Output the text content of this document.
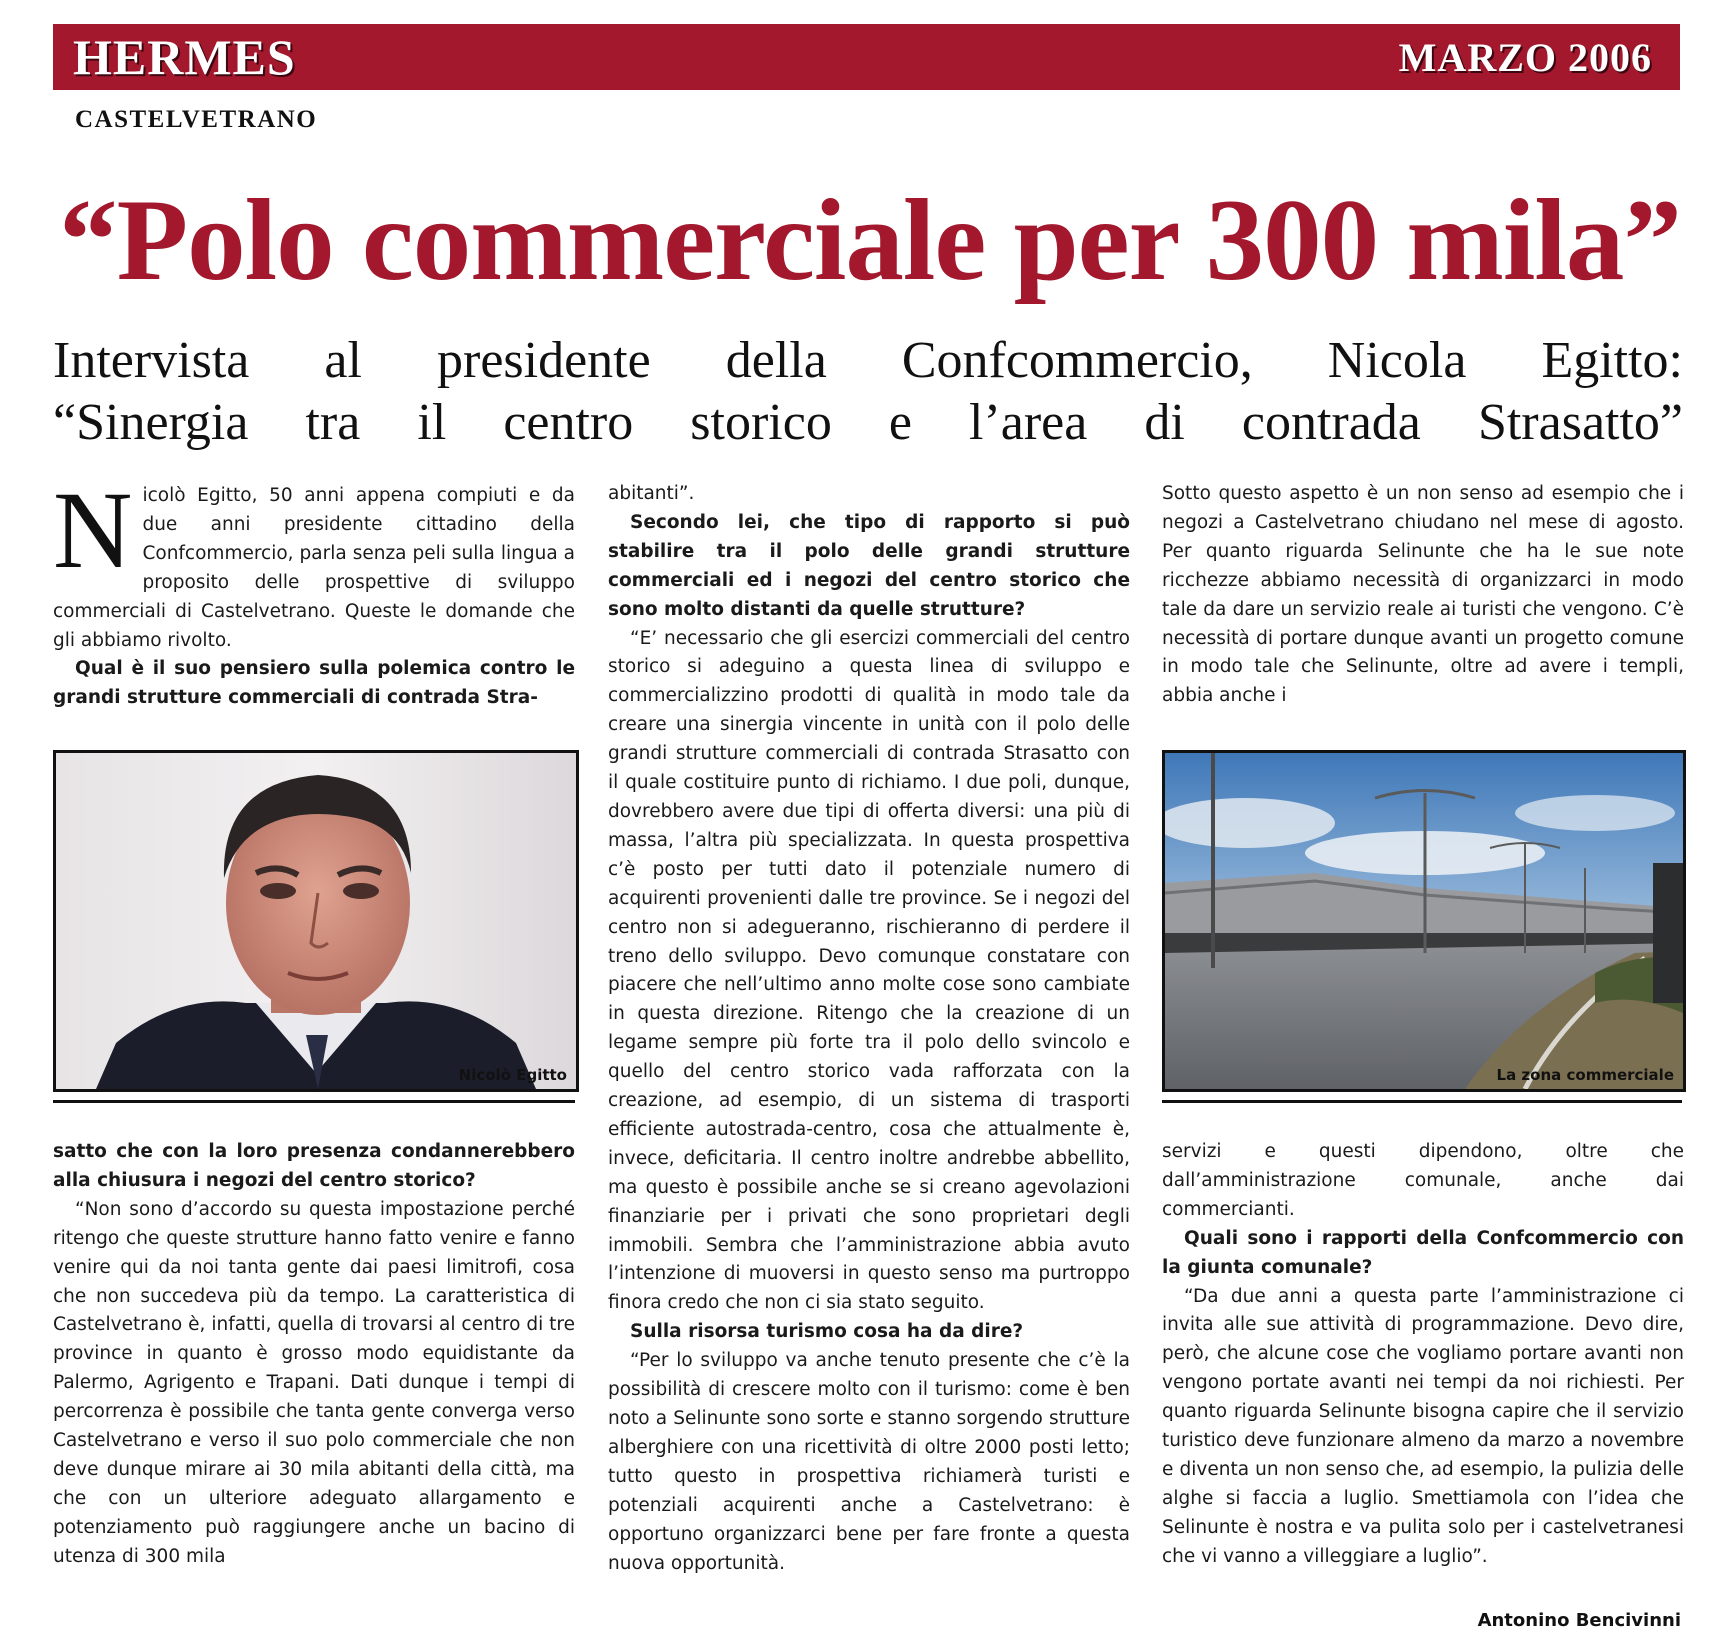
HERMES	MARZO 2006
CASTELVETRANO
“Polo commerciale per 300 mila”
Intervista al presidente della Confcommercio, Nicola Egitto:
“Sinergia tra il centro storico e l’area di contrada Strasatto”

Nicolò Egitto, 50 anni appena compiuti e da due anni presidente cittadino della Confcommercio, parla senza peli sulla lingua a proposito delle prospettive di sviluppo commerciali di Castelvetrano. Queste le domande che gli abbiamo rivolto.

Qual è il suo pensiero sulla polemica contro le grandi strutture commerciali di contrada Stra-

Nicolò Egitto

satto che con la loro presenza condannerebbero alla chiusura i negozi del centro storico?

“Non sono d’accordo su questa impostazione perché ritengo che queste strutture hanno fatto venire e fanno venire qui da noi tanta gente dai paesi limitrofi, cosa che non succedeva più da tempo. La caratteristica di Castelvetrano è, infatti, quella di trovarsi al centro di tre province in quanto è grosso modo equidistante da Palermo, Agrigento e Trapani. Dati dunque i tempi di percorrenza è possibile che tanta gente converga verso Castelvetrano e verso il suo polo commerciale che non deve dunque mirare ai 30 mila abitanti della città, ma che con un ulteriore adeguato allargamento e potenziamento può raggiungere anche un bacino di utenza di 300 mila

abitanti”.

Secondo lei, che tipo di rapporto si può stabilire tra il polo delle grandi strutture commerciali ed i negozi del centro storico che sono molto distanti da quelle strutture?

“E’ necessario che gli esercizi commerciali del centro storico si adeguino a questa linea di sviluppo e commercializzino prodotti di qualità in modo tale da creare una sinergia vincente in unità con il polo delle grandi strutture commerciali di contrada Strasatto con il quale costituire punto di richiamo. I due poli, dunque, dovrebbero avere due tipi di offerta diversi: una più di massa, l’altra più specializzata. In questa prospettiva c’è posto per tutti dato il potenziale numero di acquirenti provenienti dalle tre province. Se i negozi del centro non si adegueranno, rischieranno di perdere il treno dello sviluppo. Devo comunque constatare con piacere che nell’ultimo anno molte cose sono cambiate in questa direzione. Ritengo che la creazione di un legame sempre più forte tra il polo dello svincolo e quello del centro storico vada rafforzata con la creazione, ad esempio, di un sistema di trasporti efficiente autostrada-centro, cosa che attualmente è, invece, deficitaria. Il centro inoltre andrebbe abbellito, ma questo è possibile anche se si creano agevolazioni finanziarie per i privati che sono proprietari degli immobili. Sembra che l’amministrazione abbia avuto l’intenzione di muoversi in questo senso ma purtroppo finora credo che non ci sia stato seguito.

Sulla risorsa turismo cosa ha da dire?

“Per lo sviluppo va anche tenuto presente che c’è la possibilità di crescere molto con il turismo: come è ben noto a Selinunte sono sorte e stanno sorgendo strutture alberghiere con una ricettività di oltre 2000 posti letto; tutto questo in prospettiva richiamerà turisti e potenziali acquirenti anche a Castelvetrano: è opportuno organizzarci bene per fare fronte a questa nuova opportunità.

Sotto questo aspetto è un non senso ad esempio che i negozi a Castelvetrano chiudano nel mese di agosto. Per quanto riguarda Selinunte che ha le sue note ricchezze abbiamo necessità di organizzarci in modo tale da dare un servizio reale ai turisti che vengono. C’è necessità di portare dunque avanti un progetto comune in modo tale che Selinunte, oltre ad avere i templi, abbia anche i

La zona commerciale

servizi e questi dipendono, oltre che dall’amministrazione comunale, anche dai commercianti.

Quali sono i rapporti della Confcommercio con la giunta comunale?

“Da due anni a questa parte l’amministrazione ci invita alle sue attività di programmazione. Devo dire, però, che alcune cose che vogliamo portare avanti non vengono portate avanti nei tempi da noi richiesti. Per quanto riguarda Selinunte bisogna capire che il servizio turistico deve funzionare almeno da marzo a novembre e diventa un non senso che, ad esempio, la pulizia delle alghe si faccia a luglio. Smettiamola con l’idea che Selinunte è nostra e va pulita solo per i castelvetranesi che vi vanno a villeggiare a luglio”.

Antonino Bencivinni
